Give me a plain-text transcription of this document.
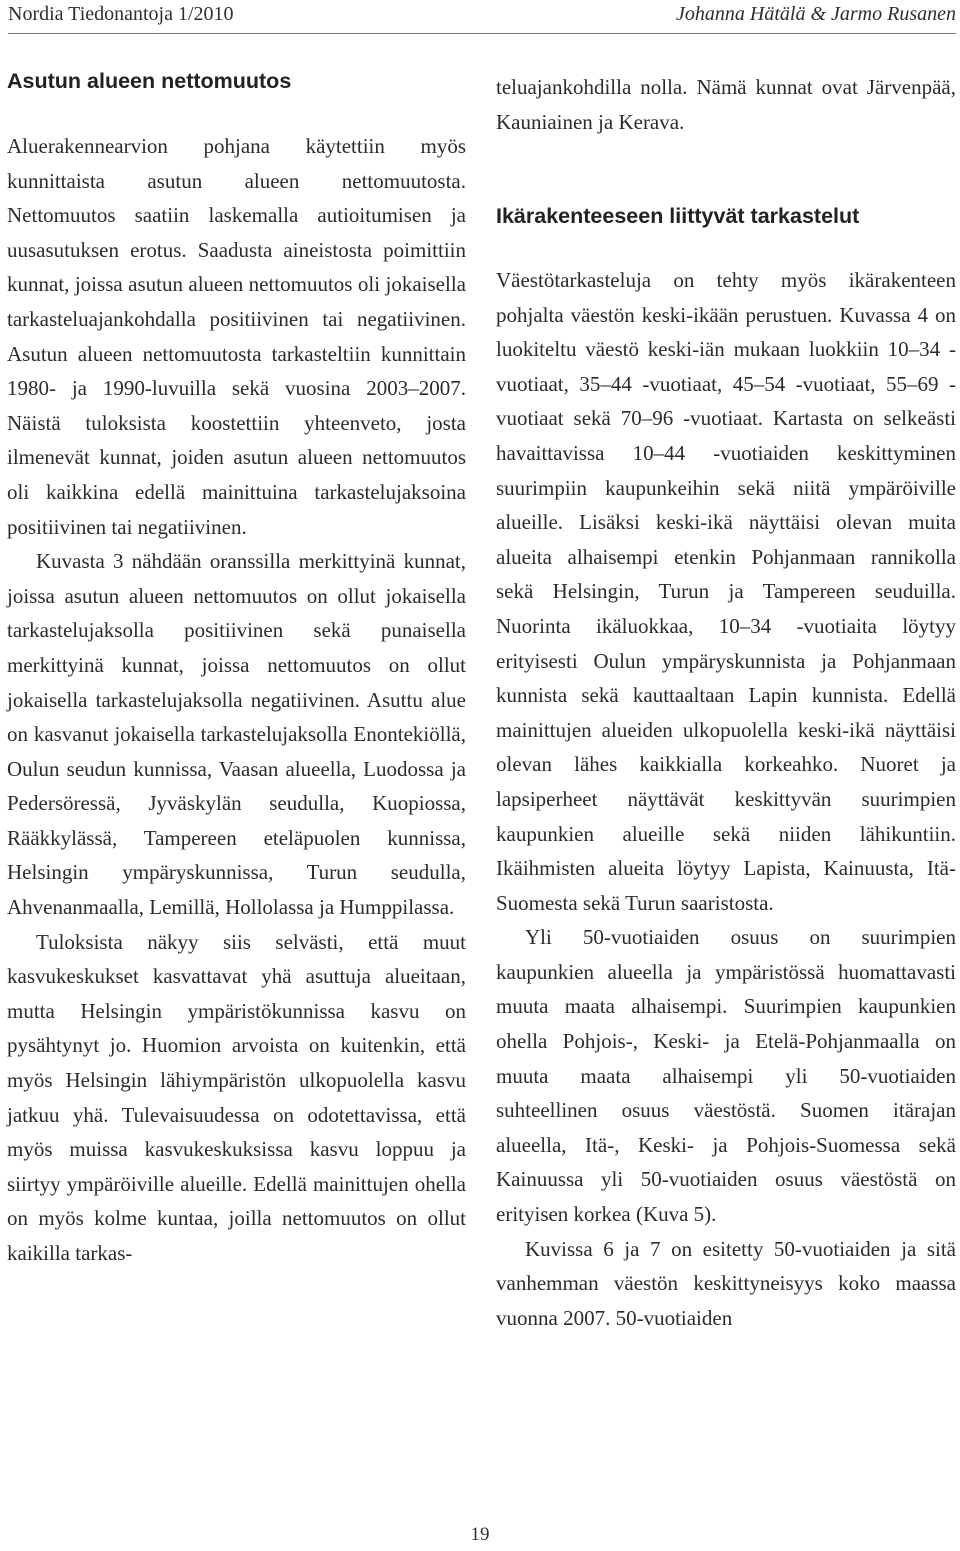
Nordia Tiedonantoja 1/2010	Johanna Hätälä & Jarmo Rusanen
Asutun alueen nettomuutos

Aluerakennearvion pohjana käytettiin myös kunnittaista asutun alueen nettomuutosta. Nettomuutos saatiin laskemalla autioitumisen ja uusasutuksen erotus. Saadusta aineistosta poimittiin kunnat, joissa asutun alueen nettomuutos oli jokaisella tarkasteluajankohdalla positiivinen tai negatiivinen. Asutun alueen nettomuutosta tarkasteltiin kunnittain 1980- ja 1990-luvuilla sekä vuosina 2003–2007. Näistä tuloksista koostettiin yhteenveto, josta ilmenevät kunnat, joiden asutun alueen nettomuutos oli kaikkina edellä mainittuina tarkastelujaksoina positiivinen tai negatiivinen.

Kuvasta 3 nähdään oranssilla merkittyinä kunnat, joissa asutun alueen nettomuutos on ollut jokaisella tarkastelujaksolla positiivinen sekä punaisella merkittyinä kunnat, joissa nettomuutos on ollut jokaisella tarkastelujaksolla negatiivinen. Asuttu alue on kasvanut jokaisella tarkastelujaksolla Enontekiöllä, Oulun seudun kunnissa, Vaasan alueella, Luodossa ja Pedersöressä, Jyväskylän seudulla, Kuopiossa, Rääkkylässä, Tampereen eteläpuolen kunnissa, Helsingin ympäryskunnissa, Turun seudulla, Ahvenanmaalla, Lemillä, Hollolassa ja Humppilassa.

Tuloksista näkyy siis selvästi, että muut kasvukeskukset kasvattavat yhä asuttuja alueitaan, mutta Helsingin ympäristökunnissa kasvu on pysähtynyt jo. Huomion arvoista on kuitenkin, että myös Helsingin lähiympäristön ulkopuolella kasvu jatkuu yhä. Tulevaisuudessa on odotettavissa, että myös muissa kasvukeskuksissa kasvu loppuu ja siirtyy ympäröiville alueille. Edellä mainittujen ohella on myös kolme kuntaa, joilla nettomuutos on ollut kaikilla tarkas-

teluajankohdilla nolla. Nämä kunnat ovat Järvenpää, Kauniainen ja Kerava.

Ikärakenteeseen liittyvät tarkastelut

Väestötarkasteluja on tehty myös ikärakenteen pohjalta väestön keski-ikään perustuen. Kuvassa 4 on luokiteltu väestö keski-iän mukaan luokkiin 10–34 -vuotiaat, 35–44 -vuotiaat, 45–54 -vuotiaat, 55–69 -vuotiaat sekä 70–96 -vuotiaat. Kartasta on selkeästi havaittavissa 10–44 -vuotiaiden keskittyminen suurimpiin kaupunkeihin sekä niitä ympäröiville alueille. Lisäksi keski-ikä näyttäisi olevan muita alueita alhaisempi etenkin Pohjanmaan rannikolla sekä Helsingin, Turun ja Tampereen seuduilla. Nuorinta ikäluokkaa, 10–34 -vuotiaita löytyy erityisesti Oulun ympäryskunnista ja Pohjanmaan kunnista sekä kauttaaltaan Lapin kunnista. Edellä mainittujen alueiden ulkopuolella keski-ikä näyttäisi olevan lähes kaikkialla korkeahko. Nuoret ja lapsiperheet näyttävät keskittyvän suurimpien kaupunkien alueille sekä niiden lähikuntiin. Ikäihmisten alueita löytyy Lapista, Kainuusta, Itä-Suomesta sekä Turun saaristosta.

Yli 50-vuotiaiden osuus on suurimpien kaupunkien alueella ja ympäristössä huomattavasti muuta maata alhaisempi. Suurimpien kaupunkien ohella Pohjois-, Keski- ja Etelä-Pohjanmaalla on muuta maata alhaisempi yli 50-vuotiaiden suhteellinen osuus väestöstä. Suomen itärajan alueella, Itä-, Keski- ja Pohjois-Suomessa sekä Kainuussa yli 50-vuotiaiden osuus väestöstä on erityisen korkea (Kuva 5).

Kuvissa 6 ja 7 on esitetty 50-vuotiaiden ja sitä vanhemman väestön keskittyneisyys koko maassa vuonna 2007. 50-vuotiaiden

19
